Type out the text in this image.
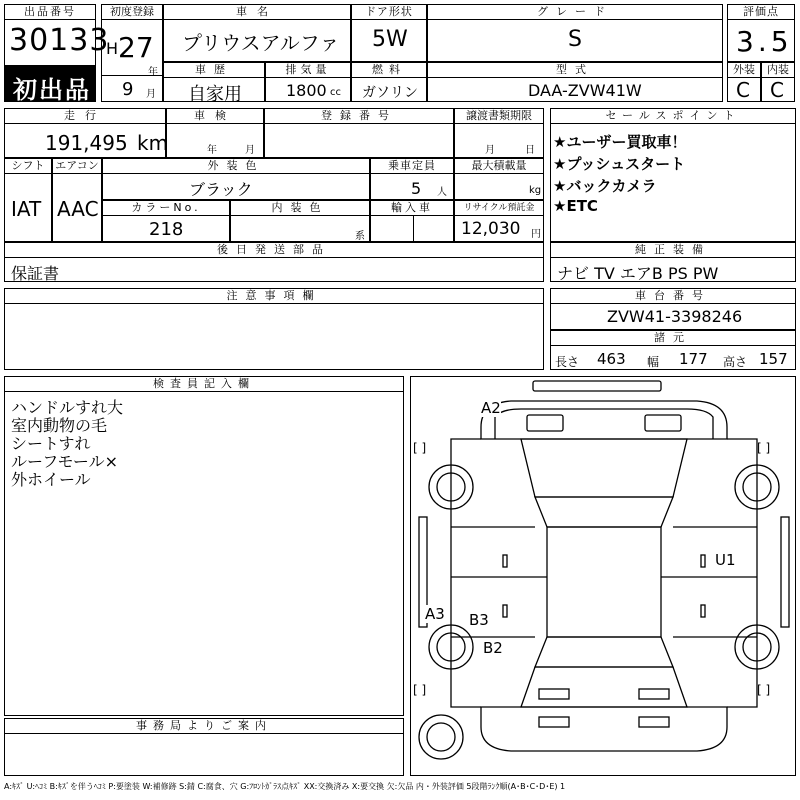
出品番号
30133
初出品
初度登録
H 27
年
9 月
車名
プリウスアルファ
ドア形状
5W
グレード
S
評価点
3.5
車歴
自家用
排気量
1800 cc
燃料
ガソリン
型式
DAA-ZVW41W
外装
C
内装
C
走行
191,495 km
車検
年	月
登録番号	譲渡書類期限
月	日
シフト
IAT
エアコン
AAC
外装色
ブラック
乗車定員
5 人
最大積載量
kg
カラーNo.
218
内装色
系
輸入車	リサイクル預託金
12,030 円
後日発送部品
保証書
セールスポイント
★ユーザー買取車！
★プッシュスタート
★バックカメラ
★ETC
純正装備
ナビ TV エアB PS PW
注意事項欄	車台番号
ZVW41-3398246
諸元
長さ 463 幅 177 高さ 157
検査員記入欄
ハンドルすれ大
室内動物の毛
シートすれ
ルーフモール×
外ホイール
事務局よりご案内
[ ]	[ ]
[ ]	[ ]
A2
U1
A3 B3
B2
A:ｷｽﾞ U:ﾍｺﾐ B:ｷｽﾞを伴うﾍｺﾐ P:要塗装 W:補修跡 S:錆 C:腐食、穴 G:ﾌﾛﾝﾄｶﾞﾗｽ点ｷｽﾞ XX:交換済み X:要交換 欠:欠品 内・外装評価 5段階ﾗﾝｸ順(A･B･C･D･E) 1
